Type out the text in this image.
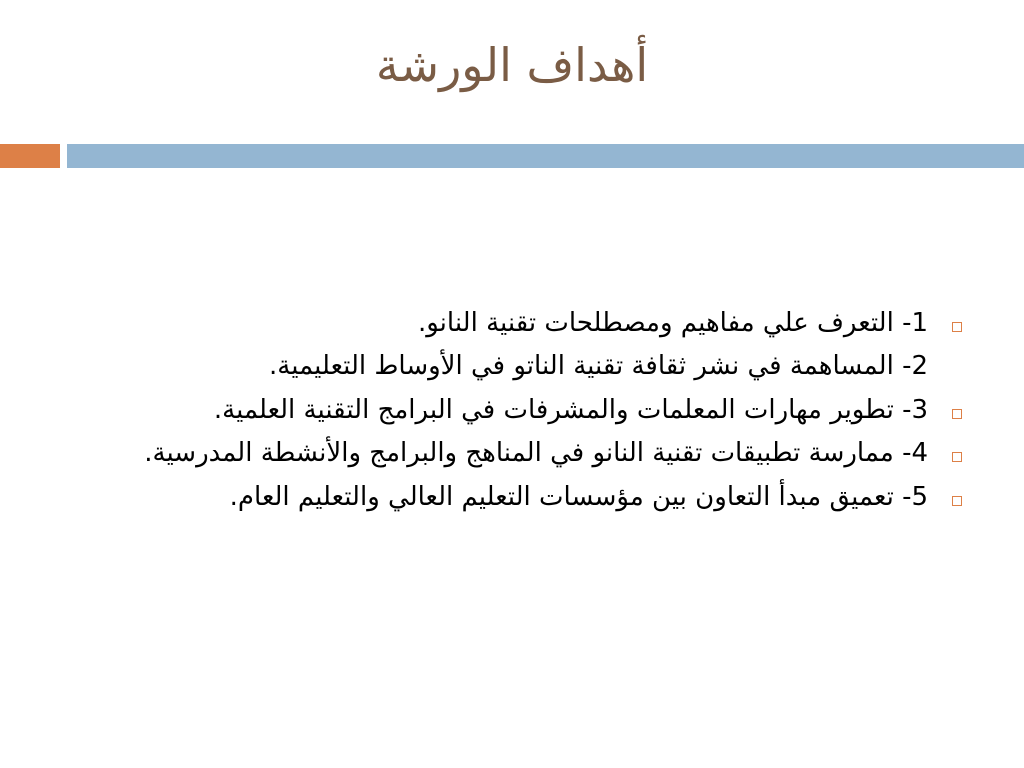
أهداف الورشة
1- التعرف علي مفاهيم ومصطلحات تقنية النانو.
2- المساهمة في نشر ثقافة تقنية الناتو في الأوساط التعليمية.
3- تطوير مهارات المعلمات والمشرفات في البرامج التقنية العلمية.
4- ممارسة تطبيقات تقنية النانو في المناهج والبرامج والأنشطة المدرسية.
5- تعميق مبدأ التعاون بين مؤسسات التعليم العالي والتعليم العام.
